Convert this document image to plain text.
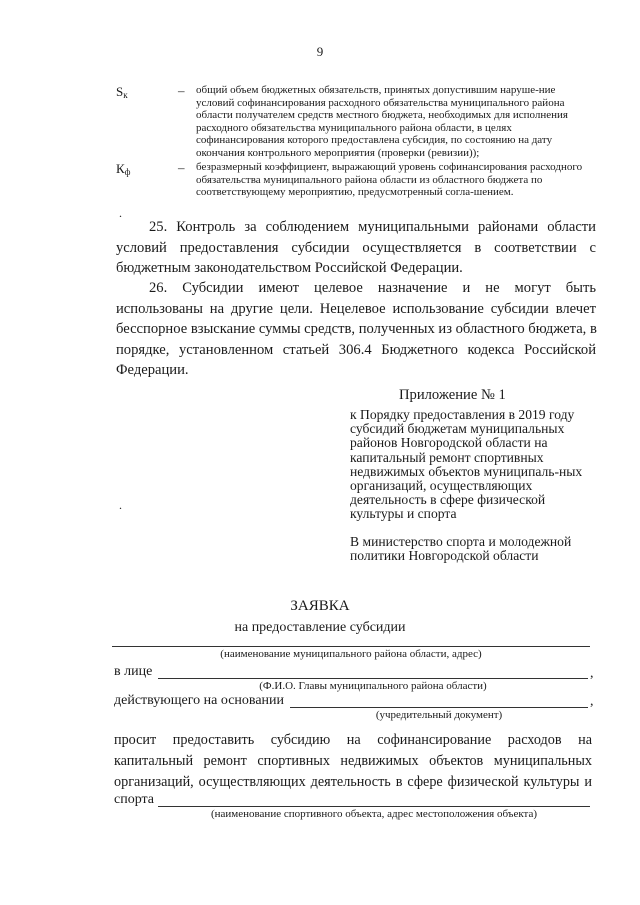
9
$S_к$	– общий объем бюджетных обязательств, принятых допустившим наруше-ние условий софинансирования расходного обязательства муниципального района области получателем средств местного бюджета, необходимых для исполнения расходного обязательства муниципального района области, в целях софинансирования которого предоставлена субсидия, по состоянию на дату окончания контрольного мероприятия (проверки (ревизии));
$К_ф$	– безразмерный коэффициент, выражающий уровень софинансирования расходного обязательства муниципального района области из областного бюджета по соответствующему мероприятию, предусмотренный согла-шением.
.
25. Контроль за соблюдением муниципальными районами области
условий предоставления субсидии осуществляется в соответствии с
бюджетным законодательством Российской Федерации.
26. Субсидии имеют целевое назначение и не могут быть
использованы на другие цели. Нецелевое использование субсидии влечет
бесспорное взыскание суммы средств, полученных из областного бюджета, в
порядке, установленном статьей 306.4 Бюджетного кодекса Российской
Федерации.
Приложение № 1
к Порядку предоставления в 2019 году субсидий бюджетам муниципальных районов Новгородской области на капитальный ремонт спортивных недвижимых объектов муниципаль-ных организаций, осуществляющих деятельность в сфере физической культуры и спорта
.
В министерство спорта и молодежной политики Новгородской области
ЗАЯВКА
на предоставление субсидии
(наименование муниципального района области, адрес)
в лице	,
(Ф.И.О. Главы муниципального района области)
действующего на основании	,
(учредительный документ)
просит предоставить субсидию на софинансирование расходов на
капитальный ремонт спортивных недвижимых объектов муниципальных
организаций, осуществляющих деятельность в сфере физической культуры и
спорта
(наименование спортивного объекта, адрес местоположения объекта)
